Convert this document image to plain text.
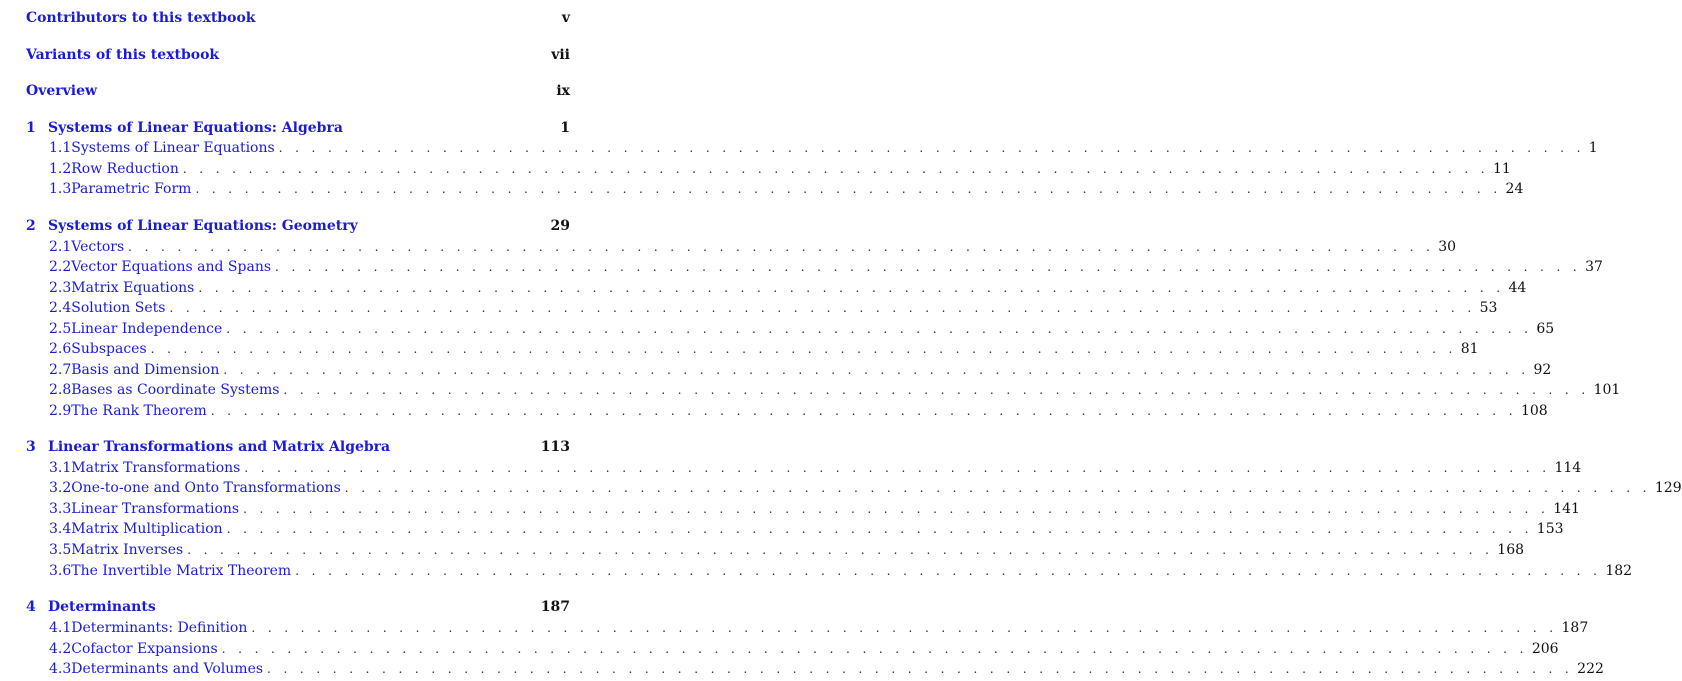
Contributors to this textbook	v
Variants of this textbook	vii
Overview	ix
1 Systems of Linear Equations: Algebra	1
1.1 Systems of Linear Equations . . . . . . . . . . . . . . . . . . . . . . . . . . . . . . . . . . . . . . . . . . . . . . . . . . . . . . . . . . . . . . . . . . . . . . . . . . . . . . . . 1
1.2 Row Reduction . . . . . . . . . . . . . . . . . . . . . . . . . . . . . . . . . . . . . . . . . . . . . . . . . . . . . . . . . . . . . . . . . . . . . . . . . . . . . . . . 11
1.3 Parametric Form . . . . . . . . . . . . . . . . . . . . . . . . . . . . . . . . . . . . . . . . . . . . . . . . . . . . . . . . . . . . . . . . . . . . . . . . . . . . . . . . 24
2 Systems of Linear Equations: Geometry	29
2.1 Vectors . . . . . . . . . . . . . . . . . . . . . . . . . . . . . . . . . . . . . . . . . . . . . . . . . . . . . . . . . . . . . . . . . . . . . . . . . . . . . . . . 30
2.2 Vector Equations and Spans . . . . . . . . . . . . . . . . . . . . . . . . . . . . . . . . . . . . . . . . . . . . . . . . . . . . . . . . . . . . . . . . . . . . . . . . . . . . . . . . 37
2.3 Matrix Equations . . . . . . . . . . . . . . . . . . . . . . . . . . . . . . . . . . . . . . . . . . . . . . . . . . . . . . . . . . . . . . . . . . . . . . . . . . . . . . . . 44
2.4 Solution Sets . . . . . . . . . . . . . . . . . . . . . . . . . . . . . . . . . . . . . . . . . . . . . . . . . . . . . . . . . . . . . . . . . . . . . . . . . . . . . . . . 53
2.5 Linear Independence . . . . . . . . . . . . . . . . . . . . . . . . . . . . . . . . . . . . . . . . . . . . . . . . . . . . . . . . . . . . . . . . . . . . . . . . . . . . . . . . 65
2.6 Subspaces . . . . . . . . . . . . . . . . . . . . . . . . . . . . . . . . . . . . . . . . . . . . . . . . . . . . . . . . . . . . . . . . . . . . . . . . . . . . . . . . 81
2.7 Basis and Dimension . . . . . . . . . . . . . . . . . . . . . . . . . . . . . . . . . . . . . . . . . . . . . . . . . . . . . . . . . . . . . . . . . . . . . . . . . . . . . . . . 92
2.8 Bases as Coordinate Systems . . . . . . . . . . . . . . . . . . . . . . . . . . . . . . . . . . . . . . . . . . . . . . . . . . . . . . . . . . . . . . . . . . . . . . . . . . . . . . . . 101
2.9 The Rank Theorem . . . . . . . . . . . . . . . . . . . . . . . . . . . . . . . . . . . . . . . . . . . . . . . . . . . . . . . . . . . . . . . . . . . . . . . . . . . . . . . . 108
3 Linear Transformations and Matrix Algebra	113
3.1 Matrix Transformations . . . . . . . . . . . . . . . . . . . . . . . . . . . . . . . . . . . . . . . . . . . . . . . . . . . . . . . . . . . . . . . . . . . . . . . . . . . . . . . . 114
3.2 One-to-one and Onto Transformations . . . . . . . . . . . . . . . . . . . . . . . . . . . . . . . . . . . . . . . . . . . . . . . . . . . . . . . . . . . . . . . . . . . . . . . . . . . . . . . . 129
3.3 Linear Transformations . . . . . . . . . . . . . . . . . . . . . . . . . . . . . . . . . . . . . . . . . . . . . . . . . . . . . . . . . . . . . . . . . . . . . . . . . . . . . . . . 141
3.4 Matrix Multiplication . . . . . . . . . . . . . . . . . . . . . . . . . . . . . . . . . . . . . . . . . . . . . . . . . . . . . . . . . . . . . . . . . . . . . . . . . . . . . . . . 153
3.5 Matrix Inverses . . . . . . . . . . . . . . . . . . . . . . . . . . . . . . . . . . . . . . . . . . . . . . . . . . . . . . . . . . . . . . . . . . . . . . . . . . . . . . . . 168
3.6 The Invertible Matrix Theorem . . . . . . . . . . . . . . . . . . . . . . . . . . . . . . . . . . . . . . . . . . . . . . . . . . . . . . . . . . . . . . . . . . . . . . . . . . . . . . . . 182
4 Determinants	187
4.1 Determinants: Definition . . . . . . . . . . . . . . . . . . . . . . . . . . . . . . . . . . . . . . . . . . . . . . . . . . . . . . . . . . . . . . . . . . . . . . . . . . . . . . . . 187
4.2 Cofactor Expansions . . . . . . . . . . . . . . . . . . . . . . . . . . . . . . . . . . . . . . . . . . . . . . . . . . . . . . . . . . . . . . . . . . . . . . . . . . . . . . . . 206
4.3 Determinants and Volumes . . . . . . . . . . . . . . . . . . . . . . . . . . . . . . . . . . . . . . . . . . . . . . . . . . . . . . . . . . . . . . . . . . . . . . . . . . . . . . . . 222
